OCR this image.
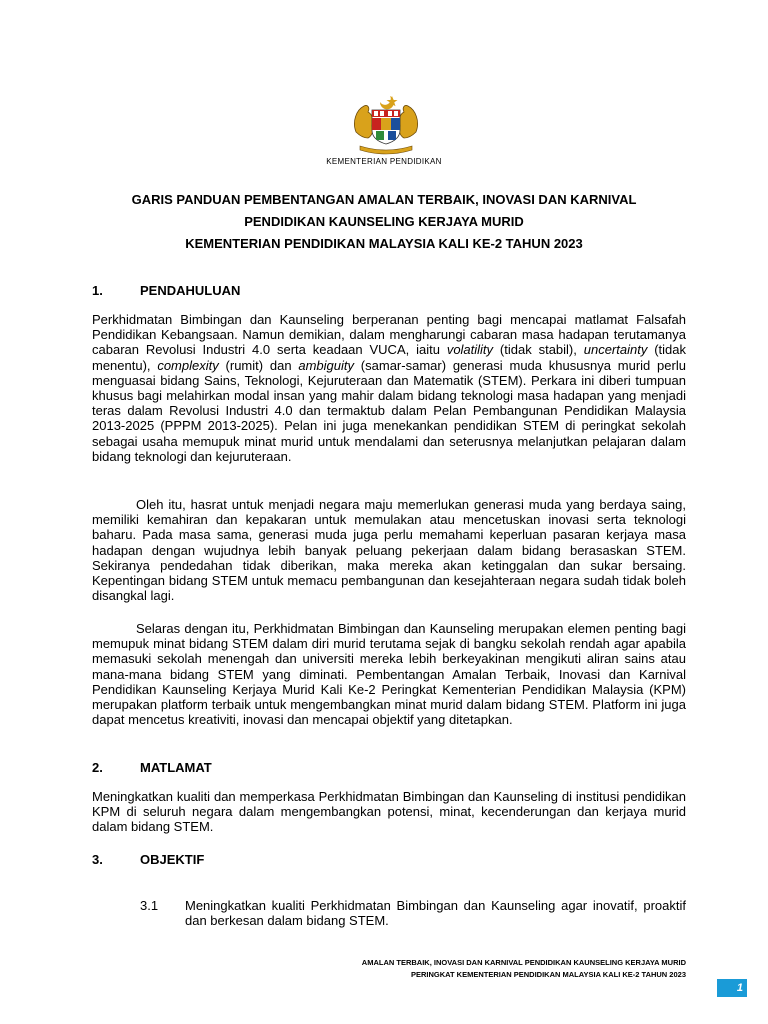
KEMENTERIAN PENDIDIKAN
GARIS PANDUAN PEMBENTANGAN AMALAN TERBAIK, INOVASI DAN KARNIVAL
PENDIDIKAN KAUNSELING KERJAYA MURID
KEMENTERIAN PENDIDIKAN MALAYSIA KALI KE-2 TAHUN 2023
1.	PENDAHULUAN

Perkhidmatan Bimbingan dan Kaunseling berperanan penting bagi mencapai matlamat Falsafah Pendidikan Kebangsaan. Namun demikian, dalam mengharungi cabaran masa hadapan terutamanya cabaran Revolusi Industri 4.0 serta keadaan VUCA, iaitu volatility (tidak stabil), uncertainty (tidak menentu), complexity (rumit) dan ambiguity (samar-samar) generasi muda khususnya murid perlu menguasai bidang Sains, Teknologi, Kejuruteraan dan Matematik (STEM). Perkara ini diberi tumpuan khusus bagi melahirkan modal insan yang mahir dalam bidang teknologi masa hadapan yang menjadi teras dalam Revolusi Industri 4.0 dan termaktub dalam Pelan Pembangunan Pendidikan Malaysia 2013-2025 (PPPM 2013-2025). Pelan ini juga menekankan pendidikan STEM di peringkat sekolah sebagai usaha memupuk minat murid untuk mendalami dan seterusnya melanjutkan pelajaran dalam bidang teknologi dan kejuruteraan.

Oleh itu, hasrat untuk menjadi negara maju memerlukan generasi muda yang berdaya saing, memiliki kemahiran dan kepakaran untuk memulakan atau mencetuskan inovasi serta teknologi baharu. Pada masa sama, generasi muda juga perlu memahami keperluan pasaran kerjaya masa hadapan dengan wujudnya lebih banyak peluang pekerjaan dalam bidang berasaskan STEM. Sekiranya pendedahan tidak diberikan, maka mereka akan ketinggalan dan sukar bersaing. Kepentingan bidang STEM untuk memacu pembangunan dan kesejahteraan negara sudah tidak boleh disangkal lagi.

Selaras dengan itu, Perkhidmatan Bimbingan dan Kaunseling merupakan elemen penting bagi memupuk minat bidang STEM dalam diri murid terutama sejak di bangku sekolah rendah agar apabila memasuki sekolah menengah dan universiti mereka lebih berkeyakinan mengikuti aliran sains atau mana-mana bidang STEM yang diminati. Pembentangan Amalan Terbaik, Inovasi dan Karnival Pendidikan Kaunseling Kerjaya Murid Kali Ke-2 Peringkat Kementerian Pendidikan Malaysia (KPM) merupakan platform terbaik untuk mengembangkan minat murid dalam bidang STEM. Platform ini juga dapat mencetus kreativiti, inovasi dan mencapai objektif yang ditetapkan.

2.	MATLAMAT

Meningkatkan kualiti dan memperkasa Perkhidmatan Bimbingan dan Kaunseling di institusi pendidikan KPM di seluruh negara dalam mengembangkan potensi, minat, kecenderungan dan kerjaya murid dalam bidang STEM.

3.	OBJEKTIF
3.1 Meningkatkan kualiti Perkhidmatan Bimbingan dan Kaunseling agar inovatif, proaktif dan berkesan dalam bidang STEM.
AMALAN TERBAIK, INOVASI DAN KARNIVAL PENDIDIKAN KAUNSELING KERJAYA MURID
PERINGKAT KEMENTERIAN PENDIDIKAN MALAYSIA KALI KE-2 TAHUN 2023
1
